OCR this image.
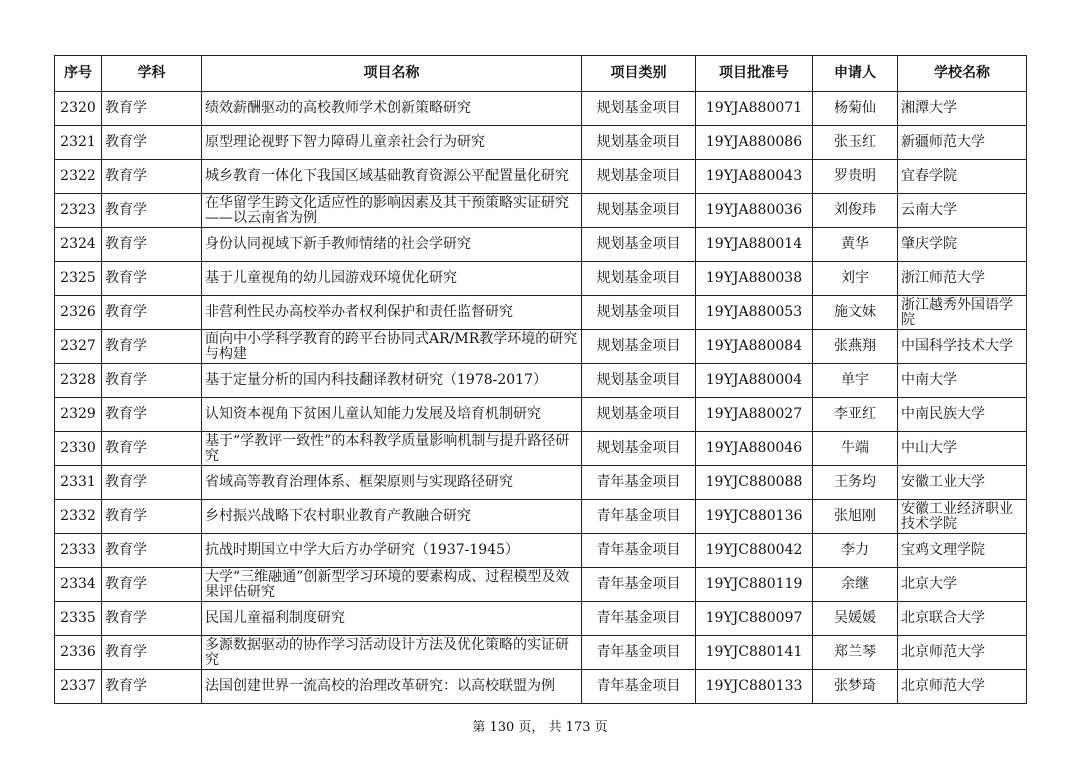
序号	学科	项目名称	项目类别	项目批准号	申请人	学校名称
2320	教育学	绩效薪酬驱动的高校教师学术创新策略研究	规划基金项目	19YJA880071	杨菊仙	湘潭大学
2321	教育学	原型理论视野下智力障碍儿童亲社会行为研究	规划基金项目	19YJA880086	张玉红	新疆师范大学
2322	教育学	城乡教育一体化下我国区域基础教育资源公平配置量化研究	规划基金项目	19YJA880043	罗贵明	宜春学院
2323	教育学	在华留学生跨文化适应性的影响因素及其干预策略实证研究——以云南省为例	规划基金项目	19YJA880036	刘俊玮	云南大学
2324	教育学	身份认同视域下新手教师情绪的社会学研究	规划基金项目	19YJA880014	黄华	肇庆学院
2325	教育学	基于儿童视角的幼儿园游戏环境优化研究	规划基金项目	19YJA880038	刘宇	浙江师范大学
2326	教育学	非营利性民办高校举办者权利保护和责任监督研究	规划基金项目	19YJA880053	施文妹	浙江越秀外国语学院
2327	教育学	面向中小学科学教育的跨平台协同式AR/MR教学环境的研究与构建	规划基金项目	19YJA880084	张燕翔	中国科学技术大学
2328	教育学	基于定量分析的国内科技翻译教材研究（1978-2017）	规划基金项目	19YJA880004	单宇	中南大学
2329	教育学	认知资本视角下贫困儿童认知能力发展及培育机制研究	规划基金项目	19YJA880027	李亚红	中南民族大学
2330	教育学	基于“学教评一致性”的本科教学质量影响机制与提升路径研究	规划基金项目	19YJA880046	牛端	中山大学
2331	教育学	省域高等教育治理体系、框架原则与实现路径研究	青年基金项目	19YJC880088	王务均	安徽工业大学
2332	教育学	乡村振兴战略下农村职业教育产教融合研究	青年基金项目	19YJC880136	张旭刚	安徽工业经济职业技术学院
2333	教育学	抗战时期国立中学大后方办学研究（1937-1945）	青年基金项目	19YJC880042	李力	宝鸡文理学院
2334	教育学	大学“三维融通”创新型学习环境的要素构成、过程模型及效果评估研究	青年基金项目	19YJC880119	余继	北京大学
2335	教育学	民国儿童福利制度研究	青年基金项目	19YJC880097	吴媛媛	北京联合大学
2336	教育学	多源数据驱动的协作学习活动设计方法及优化策略的实证研究	青年基金项目	19YJC880141	郑兰琴	北京师范大学
2337	教育学	法国创建世界一流高校的治理改革研究：以高校联盟为例	青年基金项目	19YJC880133	张梦琦	北京师范大学
第 130 页， 共 173 页
